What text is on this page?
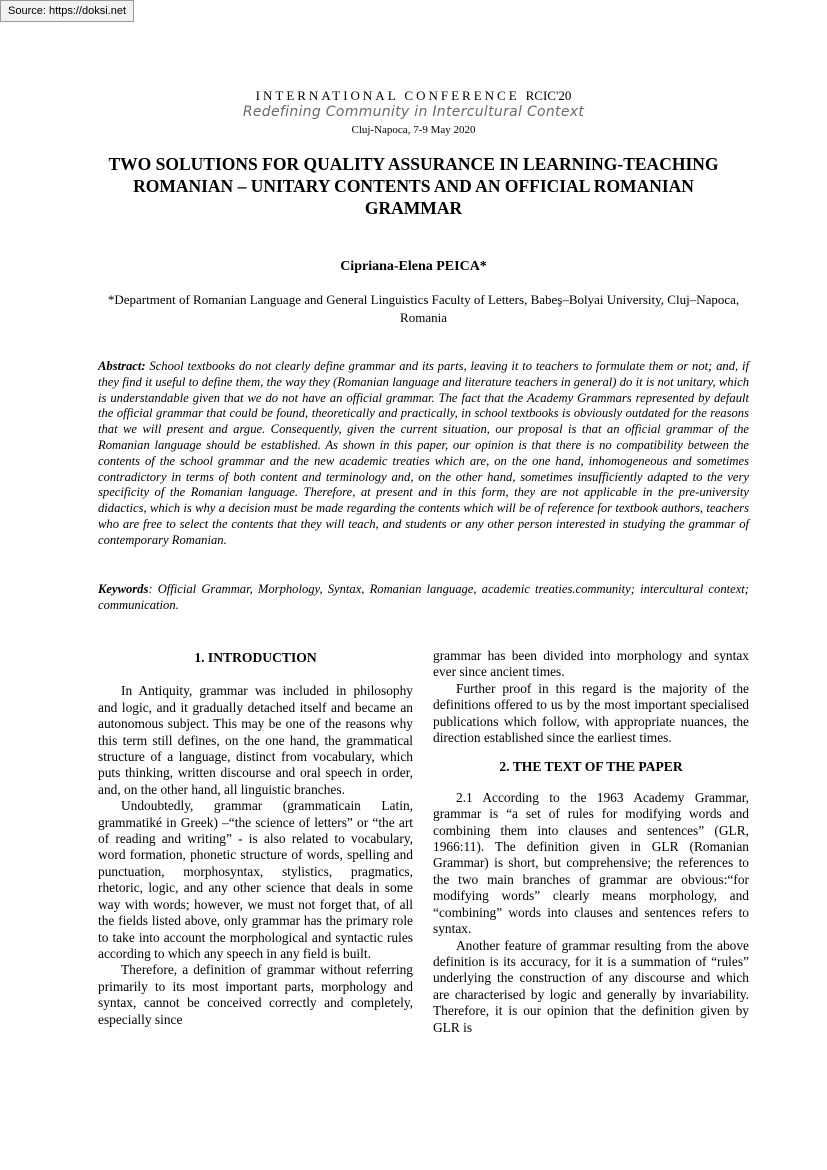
Source: https://doksi.net
INTERNATIONAL CONFERENCE RCIC'20
Redefining Community in Intercultural Context
Cluj-Napoca, 7-9 May 2020
TWO SOLUTIONS FOR QUALITY ASSURANCE IN LEARNING-TEACHING ROMANIAN – UNITARY CONTENTS AND AN OFFICIAL ROMANIAN GRAMMAR
Cipriana-Elena PEICA*
*Department of Romanian Language and General Linguistics Faculty of Letters, Babeş–Bolyai University, Cluj–Napoca, Romania
Abstract: School textbooks do not clearly define grammar and its parts, leaving it to teachers to formulate them or not; and, if they find it useful to define them, the way they (Romanian language and literature teachers in general) do it is not unitary, which is understandable given that we do not have an official grammar. The fact that the Academy Grammars represented by default the official grammar that could be found, theoretically and practically, in school textbooks is obviously outdated for the reasons that we will present and argue. Consequently, given the current situation, our proposal is that an official grammar of the Romanian language should be established. As shown in this paper, our opinion is that there is no compatibility between the contents of the school grammar and the new academic treaties which are, on the one hand, inhomogeneous and sometimes contradictory in terms of both content and terminology and, on the other hand, sometimes insufficiently adapted to the very specificity of the Romanian language. Therefore, at present and in this form, they are not applicable in the pre-university didactics, which is why a decision must be made regarding the contents which will be of reference for textbook authors, teachers who are free to select the contents that they will teach, and students or any other person interested in studying the grammar of contemporary Romanian.
Keywords: Official Grammar, Morphology, Syntax, Romanian language, academic treaties.community; intercultural context; communication.
1. INTRODUCTION

In Antiquity, grammar was included in philosophy and logic, and it gradually detached itself and became an autonomous subject. This may be one of the reasons why this term still defines, on the one hand, the grammatical structure of a language, distinct from vocabulary, which puts thinking, written discourse and oral speech in order, and, on the other hand, all linguistic branches.

Undoubtedly, grammar (grammaticain Latin, grammatiké in Greek) –“the science of letters” or “the art of reading and writing” - is also related to vocabulary, word formation, phonetic structure of words, spelling and punctuation, morphosyntax, stylistics, pragmatics, rhetoric, logic, and any other science that deals in some way with words; however, we must not forget that, of all the fields listed above, only grammar has the primary role to take into account the morphological and syntactic rules according to which any speech in any field is built.

Therefore, a definition of grammar without referring primarily to its most important parts, morphology and syntax, cannot be conceived correctly and completely, especially since

grammar has been divided into morphology and syntax ever since ancient times.

Further proof in this regard is the majority of the definitions offered to us by the most important specialised publications which follow, with appropriate nuances, the direction established since the earliest times.

2. THE TEXT OF THE PAPER

2.1 According to the 1963 Academy Grammar, grammar is “a set of rules for modifying words and combining them into clauses and sentences” (GLR, 1966:11). The definition given in GLR (Romanian Grammar) is short, but comprehensive; the references to the two main branches of grammar are obvious:“for modifying words” clearly means morphology, and “combining” words into clauses and sentences refers to syntax.

Another feature of grammar resulting from the above definition is its accuracy, for it is a summation of “rules” underlying the construction of any discourse and which are characterised by logic and generally by invariability. Therefore, it is our opinion that the definition given by GLR is
